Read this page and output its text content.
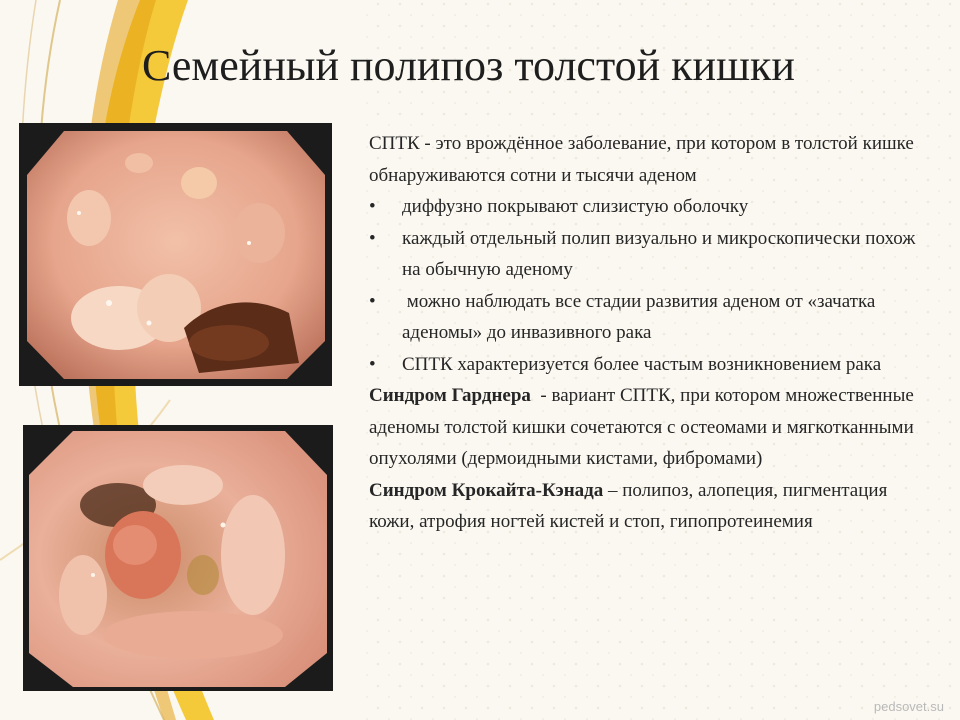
Семейный полипоз толстой кишки

СПТК - это врождённое заболевание, при котором в толстой кишке обнаруживаются сотни и тысячи аденом

• диффузно покрывают слизистую оболочку
• каждый отдельный полип визуально и микроскопически похож на обычную аденому
• можно наблюдать все стадии развития аденом от «зачатка аденомы» до инвазивного рака
• СПТК характеризуется более частым возникновением рака

Синдром Гарднера  - вариант СПТК, при котором множественные аденомы толстой кишки сочетаются с остеомами и мягкотканными опухолями (дермоидными кистами, фибромами)

Синдром Крокайта-Кэнада – полипоз, алопеция, пигментация кожи, атрофия ногтей кистей и стоп, гипопротеинемия

pedsovet.su
